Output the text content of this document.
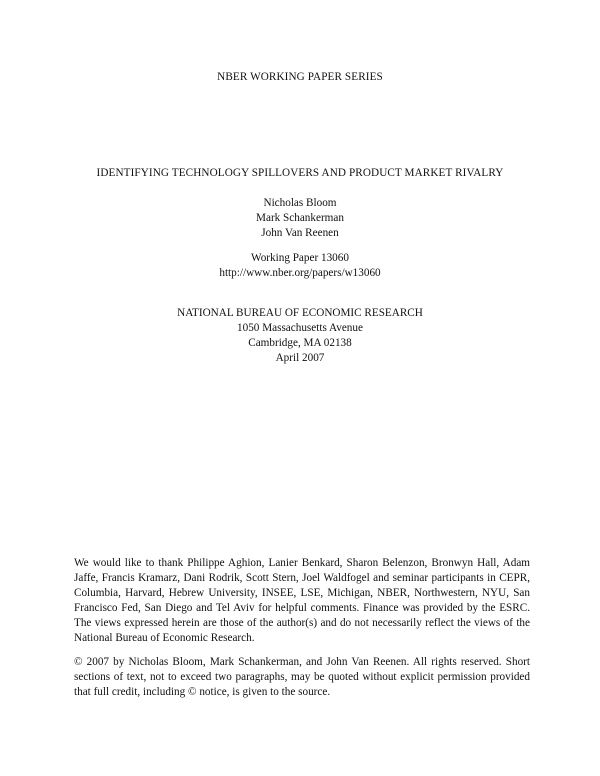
NBER WORKING PAPER SERIES
IDENTIFYING TECHNOLOGY SPILLOVERS AND PRODUCT MARKET RIVALRY
Nicholas Bloom
Mark Schankerman
John Van Reenen
Working Paper 13060
http://www.nber.org/papers/w13060
NATIONAL BUREAU OF ECONOMIC RESEARCH
1050 Massachusetts Avenue
Cambridge, MA 02138
April 2007

We would like to thank Philippe Aghion, Lanier Benkard, Sharon Belenzon, Bronwyn Hall, Adam Jaffe, Francis Kramarz, Dani Rodrik, Scott Stern, Joel Waldfogel and seminar participants in CEPR, Columbia, Harvard, Hebrew University, INSEE, LSE, Michigan, NBER, Northwestern, NYU, San Francisco Fed, San Diego and Tel Aviv for helpful comments. Finance was provided by the ESRC. The views expressed herein are those of the author(s) and do not necessarily reflect the views of the National Bureau of Economic Research.

© 2007 by Nicholas Bloom, Mark Schankerman, and John Van Reenen. All rights reserved. Short sections of text, not to exceed two paragraphs, may be quoted without explicit permission provided that full credit, including © notice, is given to the source.
